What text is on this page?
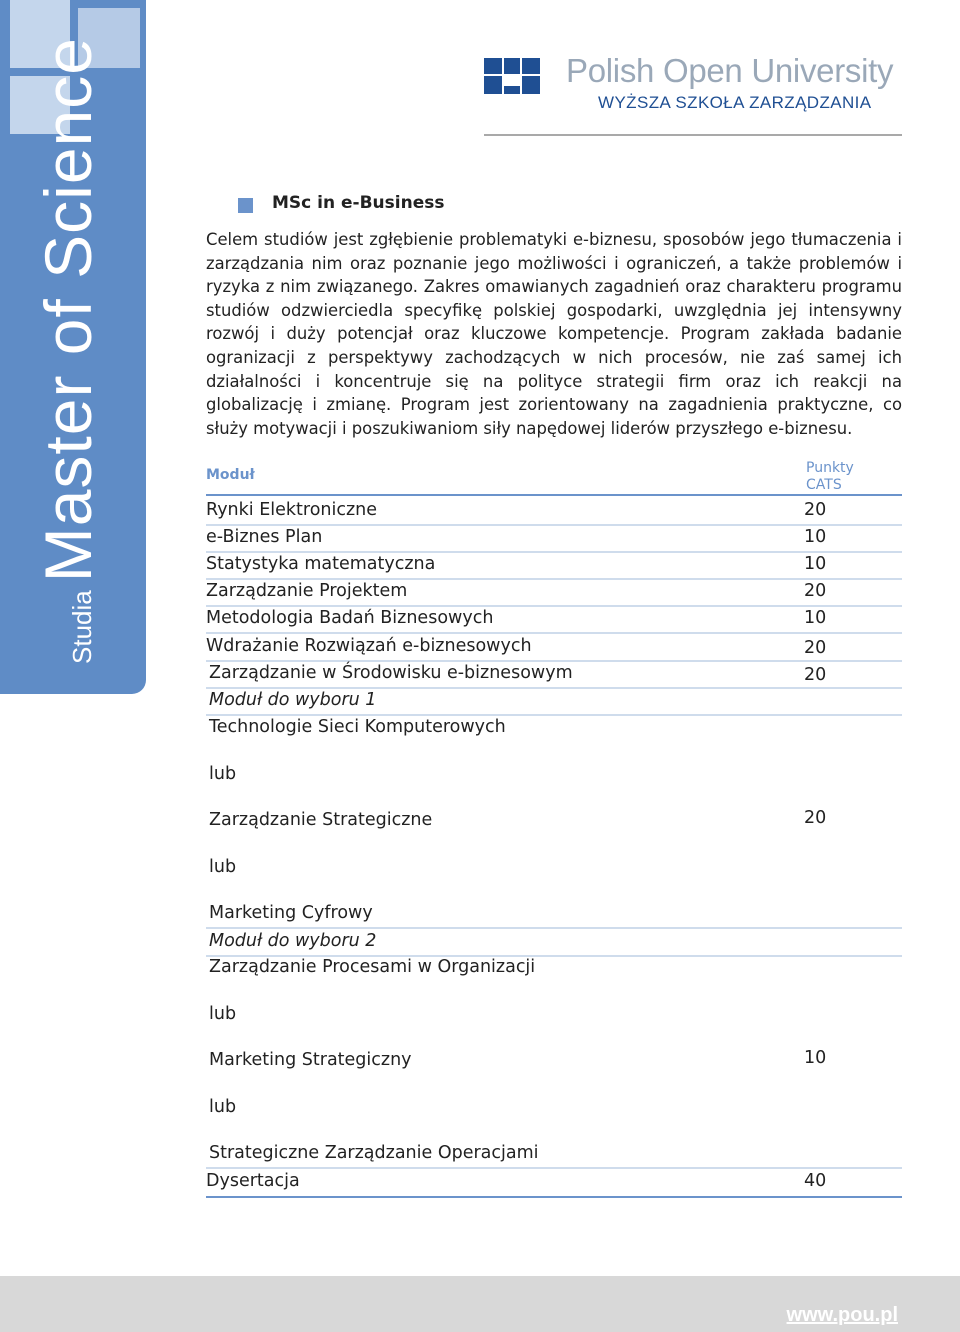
Studia
Master of Science	Polish Open University
WYŻSZA SZKOŁA ZARZĄDZANIA
MSc in e-Business

Celem studiów jest zgłębienie problematyki e-biznesu, sposobów jego tłumaczenia i zarządzania nim oraz poznanie jego możliwości i ograniczeń, a także problemów i ryzyka z nim związanego. Zakres omawianych zagadnień oraz charakteru programu studiów odzwierciedla specyfikę polskiej gospodarki, uwzględnia jej intensywny rozwój i duży potencjał oraz kluczowe kompetencje. Program zakłada badanie ogranizacji z perspektywy zachodzących w nich procesów, nie zaś samej ich działalności i koncentruje się na polityce strategii firm oraz ich reakcji na globalizację i zmianę. Program jest zorientowany na zagadnienia praktyczne, co służy motywacji i poszukiwaniom siły napędowej liderów przyszłego e-biznesu.

Moduł	Punkty
CATS
Rynki Elektroniczne	20
e-Biznes Plan	10
Statystyka matematyczna	10
Zarządzanie Projektem	20
Metodologia Badań Biznesowych	10
Wdrażanie Rozwiązań e-biznesowych	20
Zarządzanie w Środowisku e-biznesowym	20
Moduł do wyboru 1
Technologie Sieci Komputerowych
lub
Zarządzanie Strategiczne	20
lub
Marketing Cyfrowy
Moduł do wyboru 2
Zarządzanie Procesami w Organizacji
lub
Marketing Strategiczny	10
lub
Strategiczne Zarządzanie Operacjami
Dysertacja	40
www.pou.pl
